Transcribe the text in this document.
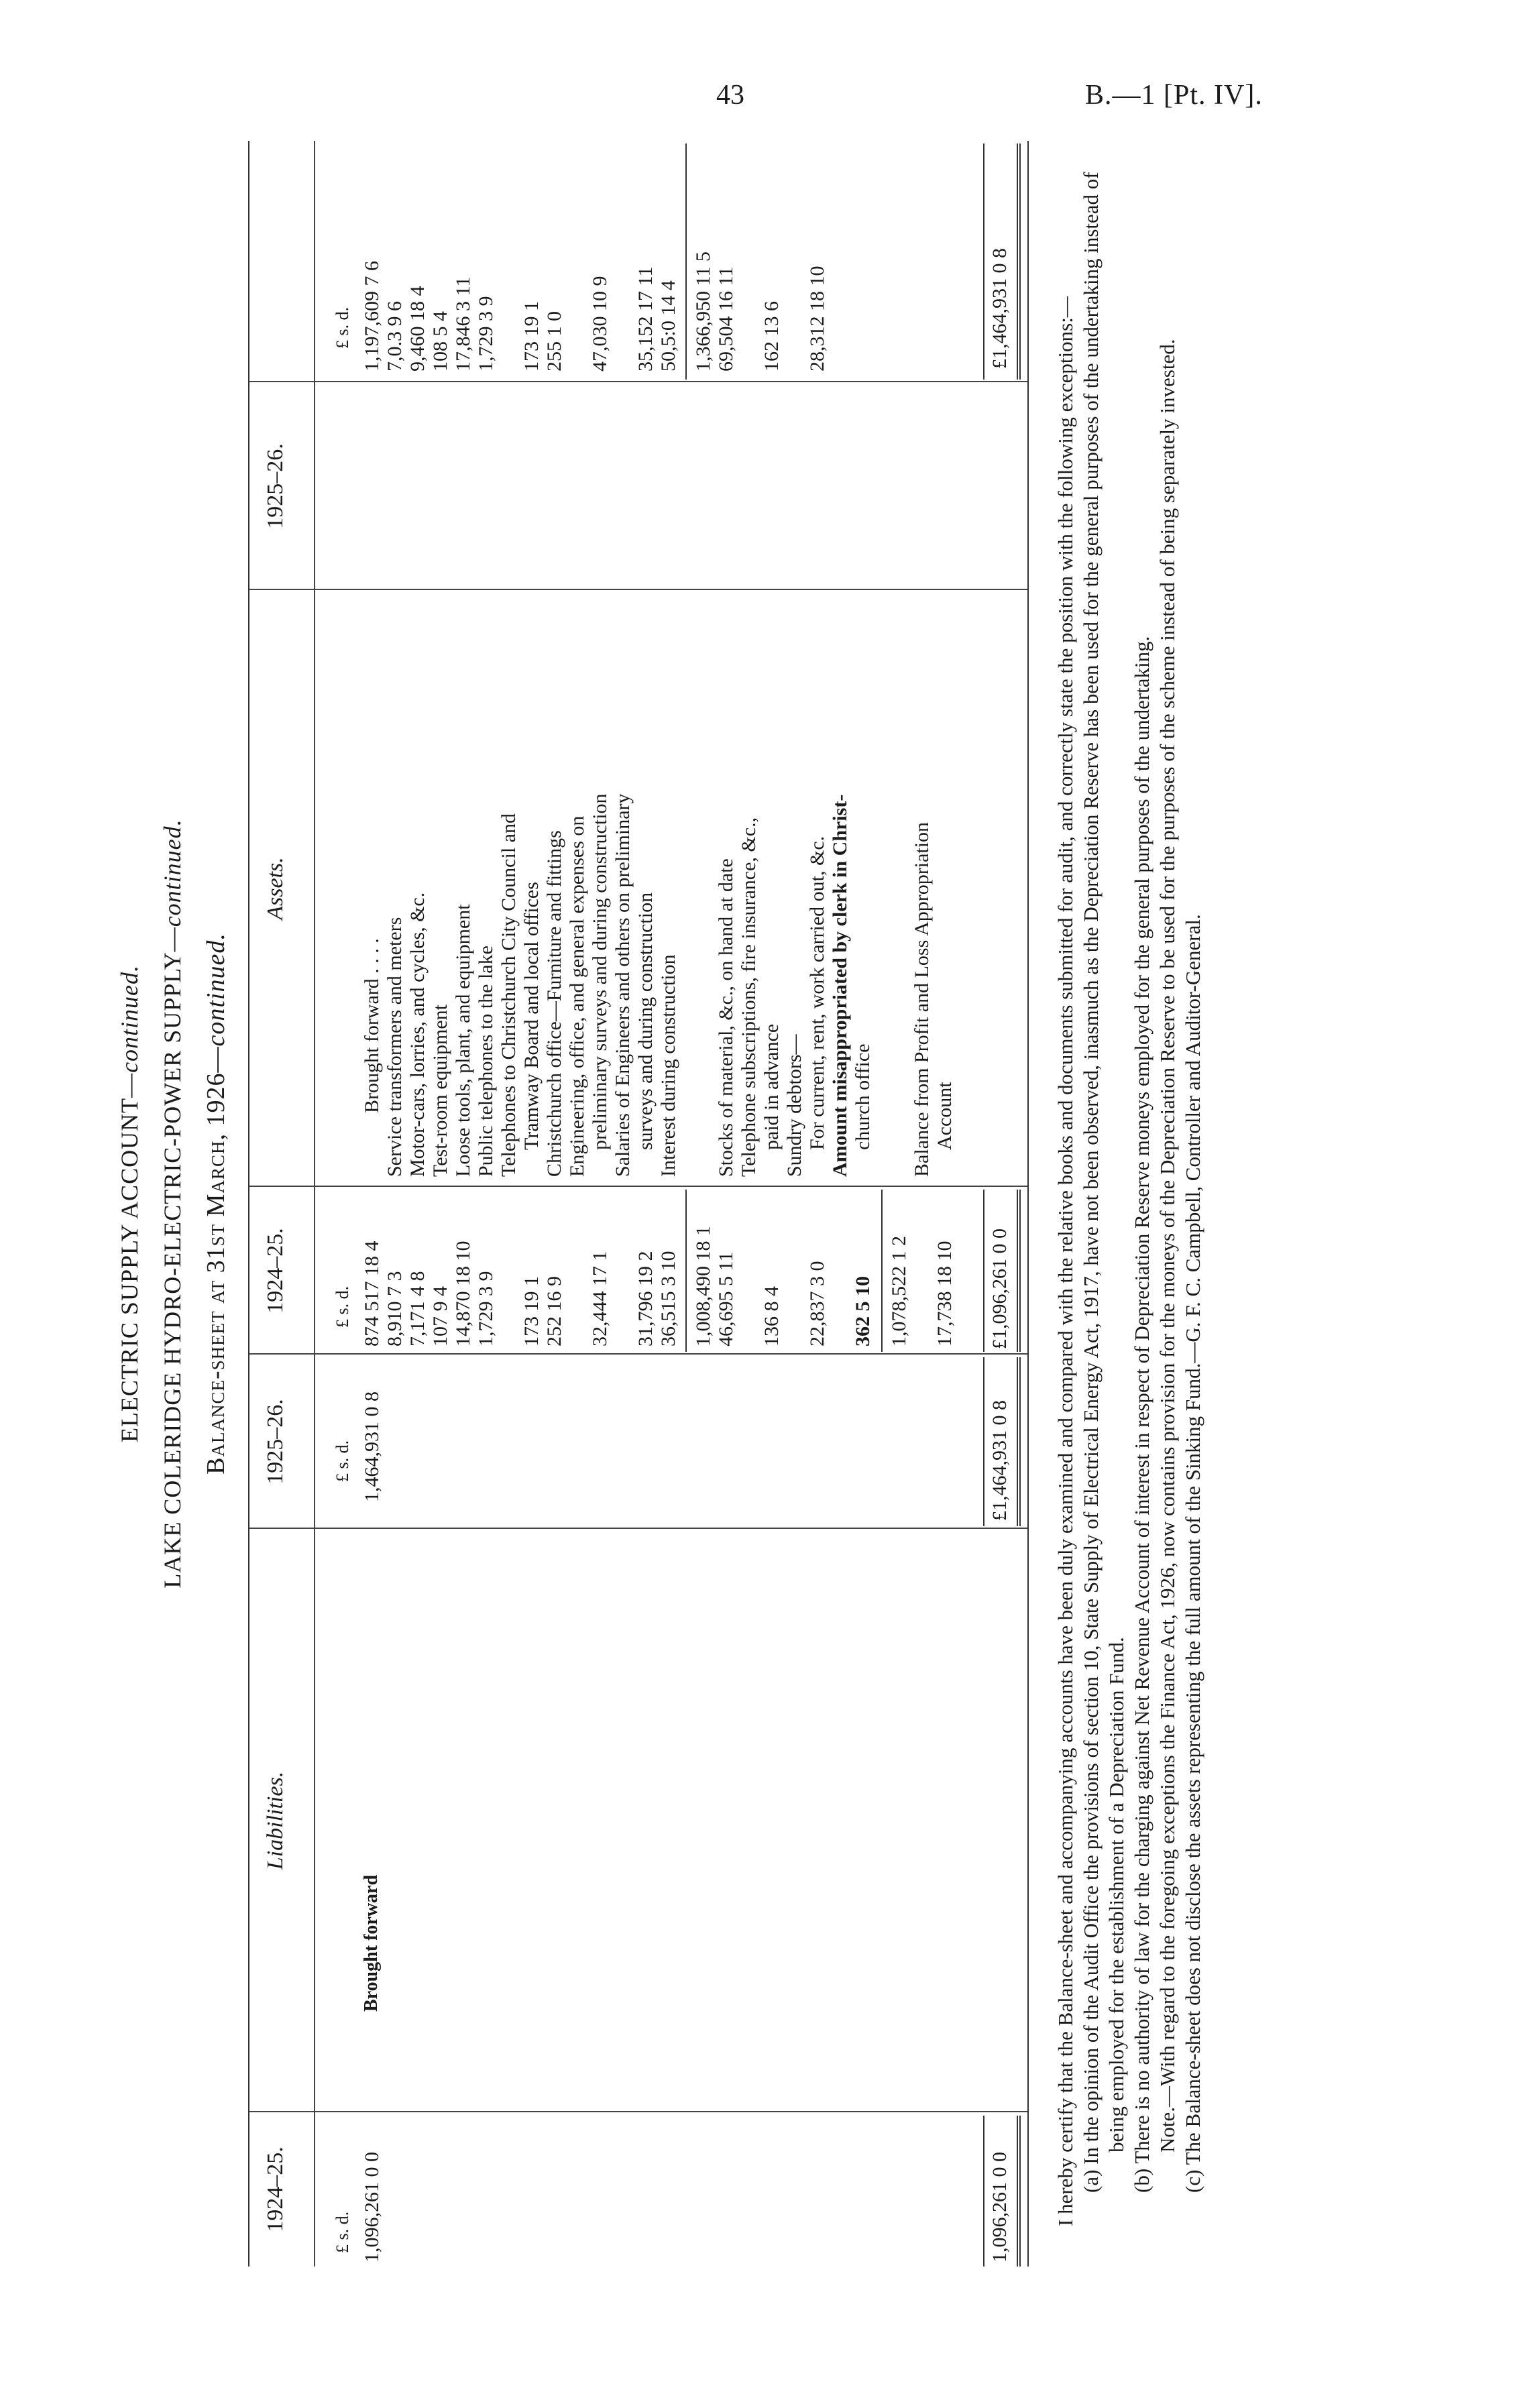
43	B.—1 [Pt. IV].
ELECTRIC SUPPLY ACCOUNT—continued. LAKE COLERIDGE HYDRO-ELECTRIC-POWER SUPPLY—continued.
Balance-sheet at 31st March, 1926—continued.
1924–25.
Liabilities.
1925–26.
1924–25.
Assets.
1925–26.
£ s. d.
£ s. d.
£ s. d.
£ s. d.
1,096,261 0 0
Brought forward
1,464,931 0 8
1,096,261 0 0
£1,464,931 0 8
874 517 18 4
Brought forward . . . .
1,197,609 7 6
8,910 7 3
Service transformers and meters
7,0.3 9 6
7,171 4 8
Motor-cars, lorries, and cycles, &c.
9,460 18 4
107 9 4
Test-room equipment
108 5 4
14,870 18 10
Loose tools, plant, and equipment
17,846 3 11
1,729 3 9
Public telephones to the lake
1,729 3 9
Telephones to Christchurch City Council and
173 19 1
Tramway Board and local offices
173 19 1
252 16 9
Christchurch office—Furniture and fittings
255 1 0
Engineering, office, and general expenses on
32,444 17 1
preliminary surveys and during construction
47,030 10 9
Salaries of Engineers and others on preliminary
31,796 19 2
surveys and during construction
35,152 17 11
36,515 3 10
Interest during construction
50,5:0 14 4
1,008,490 18 1
1,366,950 11 5
46,695 5 11
Stocks of material, &c., on hand at date
69,504 16 11
Telephone subscriptions, fire insurance, &c.,
136 8 4
paid in advance
162 13 6
Sundry debtors—
22,837 3 0
For current, rent, work carried out, &c.
28,312 18 10
Amount misappropriated by clerk in Christ-
362 5 10
church office
1,078,522 1 2
Balance from Profit and Loss Appropriation
17,738 18 10
Account
£1,096,261 0 0
£1,464,931 0 8 I hereby certify that the Balance-sheet and accompanying accounts have been duly examined and compared with the relative books and documents submitted for audit, and correctly state the position with the following exceptions:— (a) In the opinion of the Audit Office the provisions of section 10, State Supply of Electrical Energy Act, 1917, have not been observed, inasmuch as the Depreciation Reserve has been used for the general purposes of the undertaking instead of being employed for the establishment of a Depreciation Fund. (b) There is no authority of law for the charging against Net Revenue Account of interest in respect of Depreciation Reserve moneys employed for the general purposes of the undertaking. Note.—With regard to the foregoing exceptions the Finance Act, 1926, now contains provision for the moneys of the Depreciation Reserve to be used for the purposes of the scheme instead of being separately invested. (c) The Balance-sheet does not disclose the assets representing the full amount of the Sinking Fund.—G. F. C. Campbell, Controller and Auditor-General.
